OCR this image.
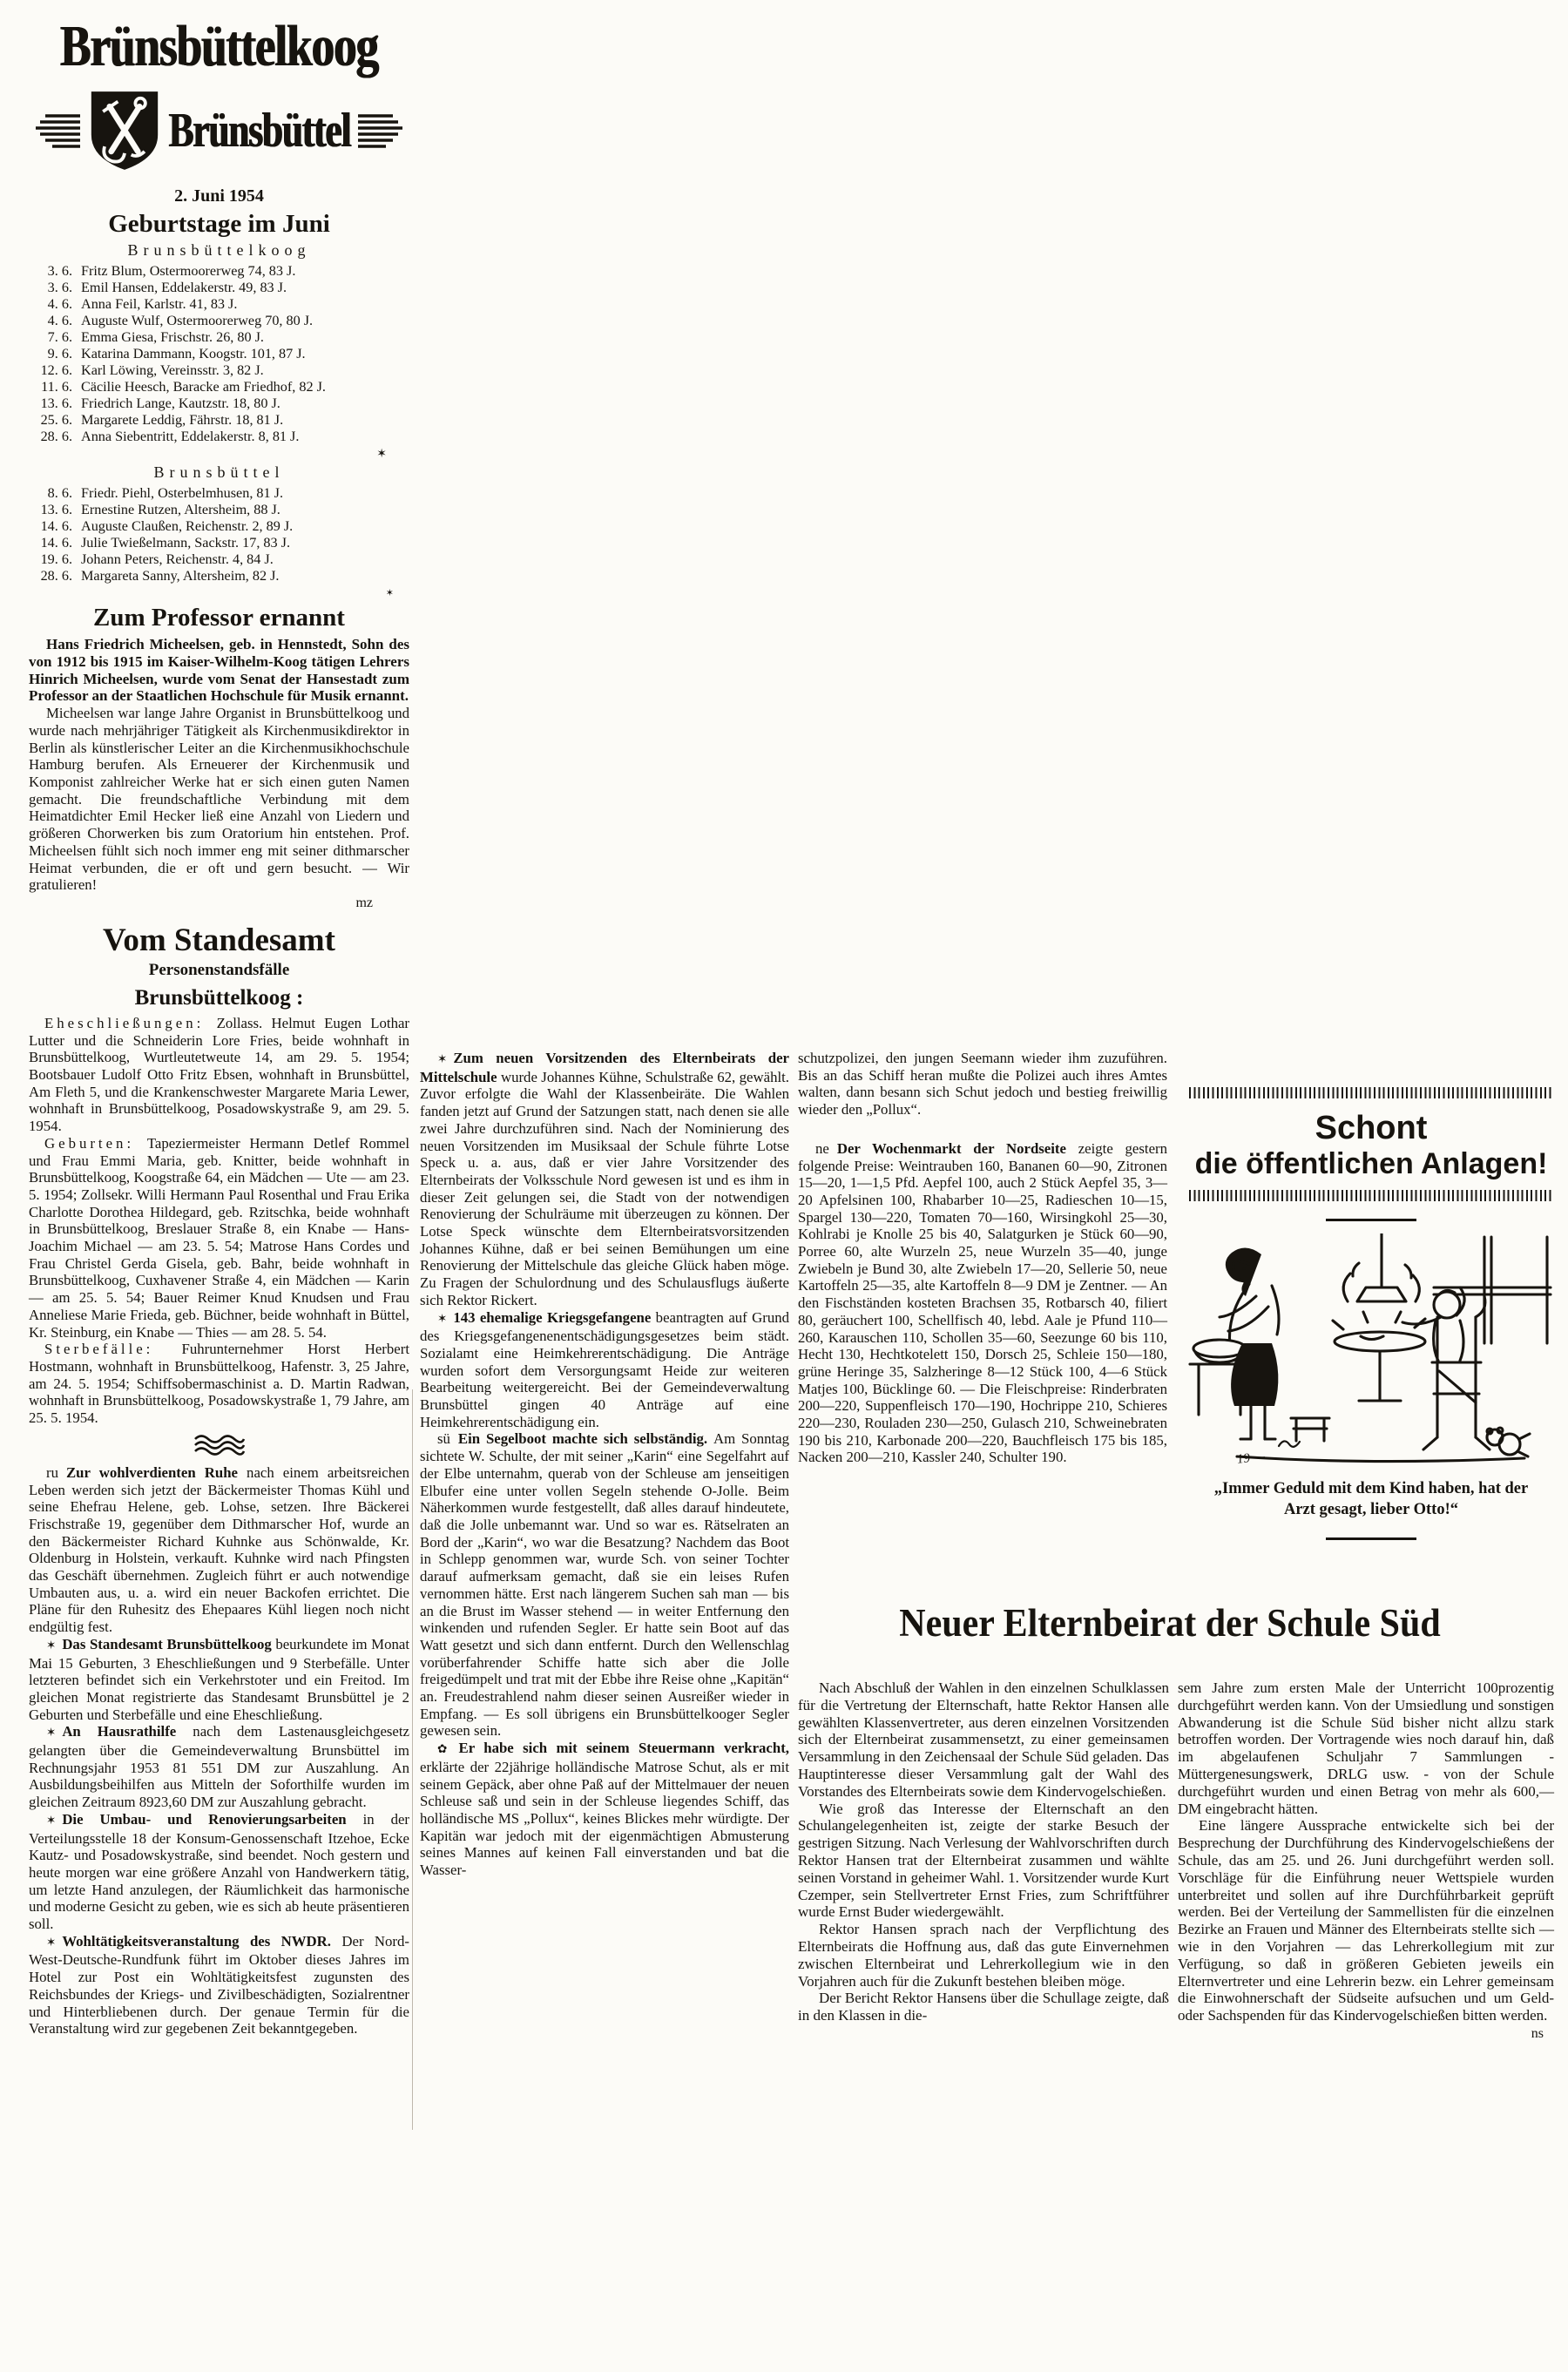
Brünsbüttelkoog
Brünsbüttel
2. Juni 1954
Geburtstage im Juni
Brunsbüttelkoog

3. 6. Fritz Blum, Ostermoorerweg 74, 83 J.

3. 6. Emil Hansen, Eddelakerstr. 49, 83 J.

4. 6. Anna Feil, Karlstr. 41, 83 J.

4. 6. Auguste Wulf, Ostermoorerweg 70, 80 J.

7. 6. Emma Giesa, Frischstr. 26, 80 J.

9. 6. Katarina Dammann, Koogstr. 101, 87 J.

12. 6. Karl Löwing, Vereinsstr. 3, 82 J.

11. 6. Cäcilie Heesch, Baracke am Friedhof, 82 J.

13. 6. Friedrich Lange, Kautzstr. 18, 80 J.

25. 6. Margarete Leddig, Fährstr. 18, 81 J.

28. 6. Anna Siebentritt, Eddelakerstr. 8, 81 J.

✶
Brunsbüttel

8. 6. Friedr. Piehl, Osterbelmhusen, 81 J.

13. 6. Ernestine Rutzen, Altersheim, 88 J.

14. 6. Auguste Claußen, Reichenstr. 2, 89 J.

14. 6. Julie Twießelmann, Sackstr. 17, 83 J.

19. 6. Johann Peters, Reichenstr. 4, 84 J.

28. 6. Margareta Sanny, Altersheim, 82 J.

✶
Zum Professor ernannt

Hans Friedrich Micheelsen, geb. in Hennstedt, Sohn des von 1912 bis 1915 im Kaiser-Wilhelm-Koog tätigen Lehrers Hinrich Micheelsen, wurde vom Senat der Hansestadt zum Professor an der Staatlichen Hochschule für Musik ernannt.

Micheelsen war lange Jahre Organist in Brunsbüttelkoog und wurde nach mehrjähriger Tätigkeit als Kirchenmusikdirektor in Berlin als künstlerischer Leiter an die Kirchenmusikhochschule Hamburg berufen. Als Erneuerer der Kirchenmusik und Komponist zahlreicher Werke hat er sich einen guten Namen gemacht. Die freundschaftliche Verbindung mit dem Heimatdichter Emil Hecker ließ eine Anzahl von Liedern und größeren Chorwerken bis zum Oratorium hin entstehen. Prof. Micheelsen fühlt sich noch immer eng mit seiner dithmarscher Heimat verbunden, die er oft und gern besucht. — Wir gratulieren!

mz
Vom Standesamt
Personenstandsfälle
Brunsbüttelkoog :

Eheschließungen: Zollass. Helmut Eugen Lothar Lutter und die Schneiderin Lore Fries, beide wohnhaft in Brunsbüttelkoog, Wurtleutetweute 14, am 29. 5. 1954; Bootsbauer Ludolf Otto Fritz Ebsen, wohnhaft in Brunsbüttel, Am Fleth 5, und die Krankenschwester Margarete Maria Lewer, wohnhaft in Brunsbüttelkoog, Posadowskystraße 9, am 29. 5. 1954.

Geburten: Tapeziermeister Hermann Detlef Rommel und Frau Emmi Maria, geb. Knitter, beide wohnhaft in Brunsbüttelkoog, Koogstraße 64, ein Mädchen — Ute — am 23. 5. 1954; Zollsekr. Willi Hermann Paul Rosenthal und Frau Erika Charlotte Dorothea Hildegard, geb. Rzitschka, beide wohnhaft in Brunsbüttelkoog, Breslauer Straße 8, ein Knabe — Hans-Joachim Michael — am 23. 5. 54; Matrose Hans Cordes und Frau Christel Gerda Gisela, geb. Bahr, beide wohnhaft in Brunsbüttelkoog, Cuxhavener Straße 4, ein Mädchen — Karin — am 25. 5. 54; Bauer Reimer Knud Knudsen und Frau Anneliese Marie Frieda, geb. Büchner, beide wohnhaft in Büttel, Kr. Steinburg, ein Knabe — Thies — am 28. 5. 54.

Sterbefälle: Fuhrunternehmer Horst Herbert Hostmann, wohnhaft in Brunsbüttelkoog, Hafenstr. 3, 25 Jahre, am 24. 5. 1954; Schiffsobermaschinist a. D. Martin Radwan, wohnhaft in Brunsbüttelkoog, Posadowskystraße 1, 79 Jahre, am 25. 5. 1954.

ru Zur wohlverdienten Ruhe nach einem arbeitsreichen Leben werden sich jetzt der Bäckermeister Thomas Kühl und seine Ehefrau Helene, geb. Lohse, setzen. Ihre Bäckerei Frischstraße 19, gegenüber dem Dithmarscher Hof, wurde an den Bäckermeister Richard Kuhnke aus Schönwalde, Kr. Oldenburg in Holstein, verkauft. Kuhnke wird nach Pfingsten das Geschäft übernehmen. Zugleich führt er auch notwendige Umbauten aus, u. a. wird ein neuer Backofen errichtet. Die Pläne für den Ruhesitz des Ehepaares Kühl liegen noch nicht endgültig fest.

✶ Das Standesamt Brunsbüttelkoog beurkundete im Monat Mai 15 Geburten, 3 Eheschließungen und 9 Sterbefälle. Unter letzteren befindet sich ein Verkehrstoter und ein Freitod. Im gleichen Monat registrierte das Standesamt Brunsbüttel je 2 Geburten und Sterbefälle und eine Eheschließung.

✶ An Hausrathilfe nach dem Lastenausgleichgesetz gelangten über die Gemeindeverwaltung Brunsbüttel im Rechnungsjahr 1953 81 551 DM zur Auszahlung. An Ausbildungsbeihilfen aus Mitteln der Soforthilfe wurden im gleichen Zeitraum 8923,60 DM zur Auszahlung gebracht.

✶ Die Umbau- und Renovierungsarbeiten in der Verteilungsstelle 18 der Konsum-Genossenschaft Itzehoe, Ecke Kautz- und Posadowskystraße, sind beendet. Noch gestern und heute morgen war eine größere Anzahl von Handwerkern tätig, um letzte Hand anzulegen, der Räumlichkeit das harmonische und moderne Gesicht zu geben, wie es sich ab heute präsentieren soll.

✶ Wohltätigkeitsveranstaltung des NWDR. Der Nord-West-Deutsche-Rundfunk führt im Oktober dieses Jahres im Hotel zur Post ein Wohltätigkeitsfest zugunsten des Reichsbundes der Kriegs- und Zivilbeschädigten, Sozialrentner und Hinterbliebenen durch. Der genaue Termin für die Veranstaltung wird zur gegebenen Zeit bekanntgegeben.

✶ Zum neuen Vorsitzenden des Elternbeirats der Mittelschule wurde Johannes Kühne, Schulstraße 62, gewählt. Zuvor erfolgte die Wahl der Klassenbeiräte. Die Wahlen fanden jetzt auf Grund der Satzungen statt, nach denen sie alle zwei Jahre durchzuführen sind. Nach der Nominierung des neuen Vorsitzenden im Musiksaal der Schule führte Lotse Speck u. a. aus, daß er vier Jahre Vorsitzender des Elternbeirats der Volksschule Nord gewesen ist und es ihm in dieser Zeit gelungen sei, die Stadt von der notwendigen Renovierung der Schulräume mit überzeugen zu können. Der Lotse Speck wünschte dem Elternbeiratsvorsitzenden Johannes Kühne, daß er bei seinen Bemühungen um eine Renovierung der Mittelschule das gleiche Glück haben möge. Zu Fragen der Schulordnung und des Schulausflugs äußerte sich Rektor Rickert.

✶ 143 ehemalige Kriegsgefangene beantragten auf Grund des Kriegsgefangenenentschädigungsgesetzes beim städt. Sozialamt eine Heimkehrerentschädigung. Die Anträge wurden sofort dem Versorgungsamt Heide zur weiteren Bearbeitung weitergereicht. Bei der Gemeindeverwaltung Brunsbüttel gingen 40 Anträge auf eine Heimkehrerentschädigung ein.

sü Ein Segelboot machte sich selbständig. Am Sonntag sichtete W. Schulte, der mit seiner „Karin“ eine Segelfahrt auf der Elbe unternahm, querab von der Schleuse am jenseitigen Elbufer eine unter vollen Segeln stehende O-Jolle. Beim Näherkommen wurde festgestellt, daß alles darauf hindeutete, daß die Jolle unbemannt war. Und so war es. Rätselraten an Bord der „Karin“, wo war die Besatzung? Nachdem das Boot in Schlepp genommen war, wurde Sch. von seiner Tochter darauf aufmerksam gemacht, daß sie ein leises Rufen vernommen hätte. Erst nach längerem Suchen sah man — bis an die Brust im Wasser stehend — in weiter Entfernung den winkenden und rufenden Segler. Er hatte sein Boot auf das Watt gesetzt und sich dann entfernt. Durch den Wellenschlag vorüberfahrender Schiffe hatte sich aber die Jolle freigedümpelt und trat mit der Ebbe ihre Reise ohne „Kapitän“ an. Freudestrahlend nahm dieser seinen Ausreißer wieder in Empfang. — Es soll übrigens ein Brunsbüttelkooger Segler gewesen sein.

✿ Er habe sich mit seinem Steuermann verkracht, erklärte der 22jährige holländische Matrose Schut, als er mit seinem Gepäck, aber ohne Paß auf der Mittelmauer der neuen Schleuse saß und sein in der Schleuse liegendes Schiff, das holländische MS „Pollux“, keines Blickes mehr würdigte. Der Kapitän war jedoch mit der eigenmächtigen Abmusterung seines Mannes auf keinen Fall einverstanden und bat die Wasser-

schutzpolizei, den jungen Seemann wieder ihm zuzuführen. Bis an das Schiff heran mußte die Polizei auch ihres Amtes walten, dann besann sich Schut jedoch und bestieg freiwillig wieder den „Pollux“.

ne Der Wochenmarkt der Nordseite zeigte gestern folgende Preise: Weintrauben 160, Bananen 60—90, Zitronen 15—20, 1—1,5 Pfd. Aepfel 100, auch 2 Stück Aepfel 35, 3—20 Apfelsinen 100, Rhabarber 10—25, Radieschen 10—15, Spargel 130—220, Tomaten 70—160, Wirsingkohl 25—30, Kohlrabi je Knolle 25 bis 40, Salatgurken je Stück 60—90, Porree 60, alte Wurzeln 25, neue Wurzeln 35—40, junge Zwiebeln je Bund 30, alte Zwiebeln 17—20, Sellerie 50, neue Kartoffeln 25—35, alte Kartoffeln 8—9 DM je Zentner. — An den Fischständen kosteten Brachsen 35, Rotbarsch 40, filiert 80, geräuchert 100, Schellfisch 40, lebd. Aale je Pfund 110—260, Karauschen 110, Schollen 35—60, Seezunge 60 bis 110, Hecht 130, Hechtkotelett 150, Dorsch 25, Schleie 150—180, grüne Heringe 35, Salzheringe 8—12 Stück 100, 4—6 Stück Matjes 100, Bücklinge 60. — Die Fleischpreise: Rinderbraten 200—220, Suppenfleisch 170—190, Hochrippe 210, Schieres 220—230, Rouladen 230—250, Gulasch 210, Schweinebraten 190 bis 210, Karbonade 200—220, Bauchfleisch 175 bis 185, Nacken 200—210, Kassler 240, Schulter 190.

Schont
die öffentlichen Anlagen!
19 —
„Immer Geduld mit dem Kind haben, hat der
Arzt gesagt, lieber Otto!“
Neuer Elternbeirat der Schule Süd

Nach Abschluß der Wahlen in den einzelnen Schulklassen für die Vertretung der Elternschaft, hatte Rektor Hansen alle gewählten Klassenvertreter, aus deren einzelnen Vorsitzenden sich der Elternbeirat zusammensetzt, zu einer gemeinsamen Versammlung in den Zeichensaal der Schule Süd geladen. Das Hauptinteresse dieser Versammlung galt der Wahl des Vorstandes des Elternbeirats sowie dem Kindervogelschießen.

Wie groß das Interesse der Elternschaft an den Schulangelegenheiten ist, zeigte der starke Besuch der gestrigen Sitzung. Nach Verlesung der Wahlvorschriften durch Rektor Hansen trat der Elternbeirat zusammen und wählte seinen Vorstand in geheimer Wahl. 1. Vorsitzender wurde Kurt Czemper, sein Stellvertreter Ernst Fries, zum Schriftführer wurde Ernst Buder wiedergewählt.

Rektor Hansen sprach nach der Verpflichtung des Elternbeirats die Hoffnung aus, daß das gute Einvernehmen zwischen Elternbeirat und Lehrerkollegium wie in den Vorjahren auch für die Zukunft bestehen bleiben möge.

Der Bericht Rektor Hansens über die Schullage zeigte, daß in den Klassen in die-

sem Jahre zum ersten Male der Unterricht 100prozentig durchgeführt werden kann. Von der Umsiedlung und sonstigen Abwanderung ist die Schule Süd bisher nicht allzu stark betroffen worden. Der Vortragende wies noch darauf hin, daß im abgelaufenen Schuljahr 7 Sammlungen - Müttergenesungswerk, DRLG usw. - von der Schule durchgeführt wurden und einen Betrag von mehr als 600,— DM eingebracht hätten.

Eine längere Aussprache entwickelte sich bei der Besprechung der Durchführung des Kindervogelschießens der Schule, das am 25. und 26. Juni durchgeführt werden soll. Vorschläge für die Einführung neuer Wettspiele wurden unterbreitet und sollen auf ihre Durchführbarkeit geprüft werden. Bei der Verteilung der Sammellisten für die einzelnen Bezirke an Frauen und Männer des Elternbeirats stellte sich — wie in den Vorjahren — das Lehrerkollegium mit zur Verfügung, so daß in größeren Gebieten jeweils ein Elternvertreter und eine Lehrerin bezw. ein Lehrer gemeinsam die Einwohnerschaft der Südseite aufsuchen und um Geld- oder Sachspenden für das Kindervogelschießen bitten werden.

ns
